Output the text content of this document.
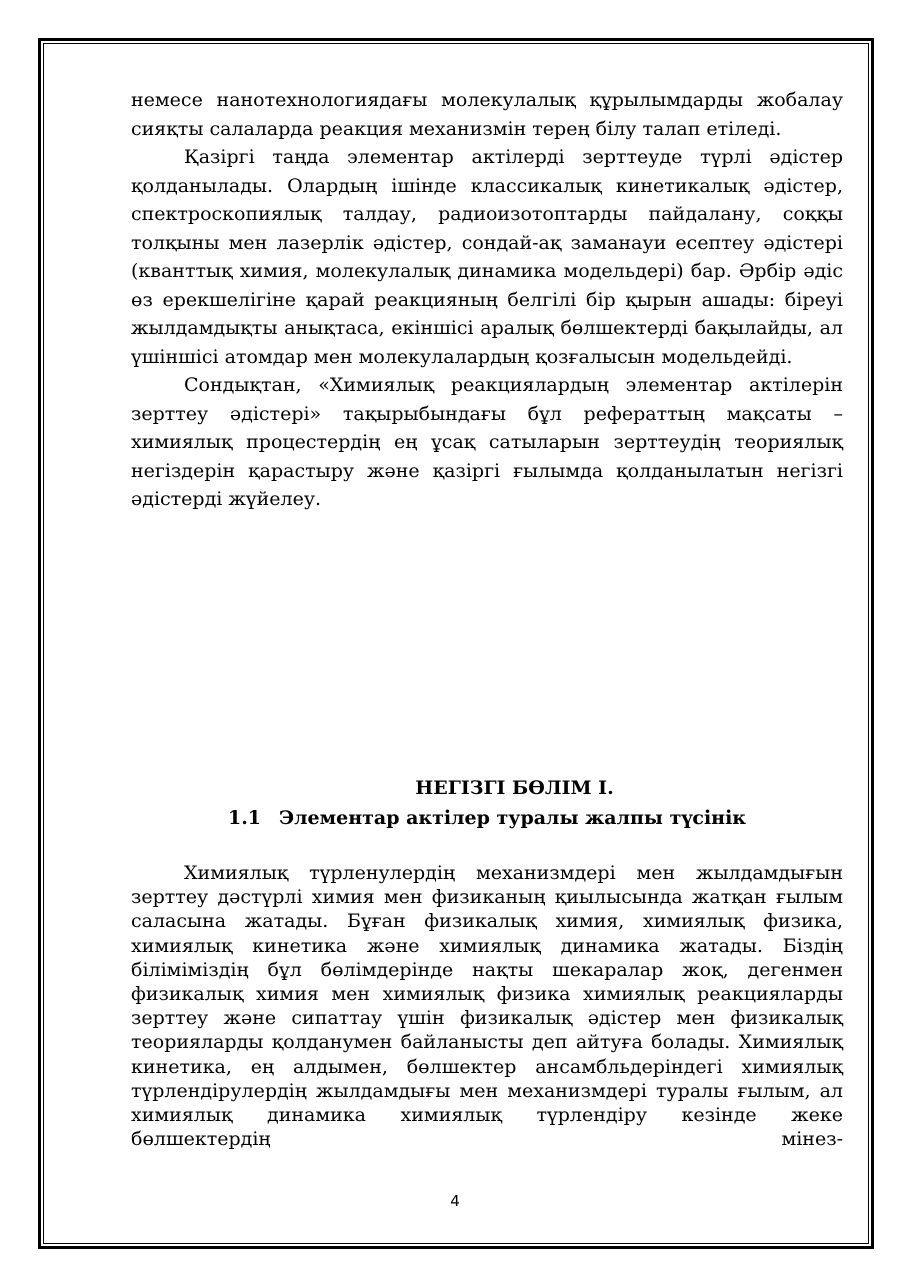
немесе нанотехнологиядағы молекулалық құрылымдарды жобалау сияқты салаларда реакция механизмін терең білу талап етіледі.

Қазіргі таңда элементар актілерді зерттеуде түрлі әдістер қолданылады. Олардың ішінде классикалық кинетикалық әдістер, спектроскопиялық талдау, радиоизотоптарды пайдалану, соққы толқыны мен лазерлік әдістер, сондай-ақ заманауи есептеу әдістері (кванттық химия, молекулалық динамика модельдері) бар. Әрбір әдіс өз ерекшелігіне қарай реакцияның белгілі бір қырын ашады: біреуі жылдамдықты анықтаса, екіншісі аралық бөлшектерді бақылайды, ал үшіншісі атомдар мен молекулалардың қозғалысын модельдейді.

Сондықтан, «Химиялық реакциялардың элементар актілерін зерттеу әдістері» тақырыбындағы бұл рефераттың мақсаты – химиялық процестердің ең ұсақ сатыларын зерттеудің теориялық негіздерін қарастыру және қазіргі ғылымда қолданылатын негізгі әдістерді жүйелеу.

НЕГІЗГІ БӨЛІМ І.

1.1 Элементар актілер туралы жалпы түсінік

Химиялық түрленулердің механизмдері мен жылдамдығын зерттеу дәстүрлі химия мен физиканың қиылысында жатқан ғылым саласына жатады. Бұған физикалық химия, химиялық физика, химиялық кинетика және химиялық динамика жатады. Біздің біліміміздің бұл бөлімдерінде нақты шекаралар жоқ, дегенмен физикалық химия мен химиялық физика химиялық реакцияларды зерттеу және сипаттау үшін физикалық әдістер мен физикалық теорияларды қолданумен байланысты деп айтуға болады. Химиялық кинетика, ең алдымен, бөлшектер ансамбльдеріндегі химиялық түрлендірулердің жылдамдығы мен механизмдері туралы ғылым, ал химиялық динамика химиялық түрлендіру кезінде жеке бөлшектердің мінез-

4
